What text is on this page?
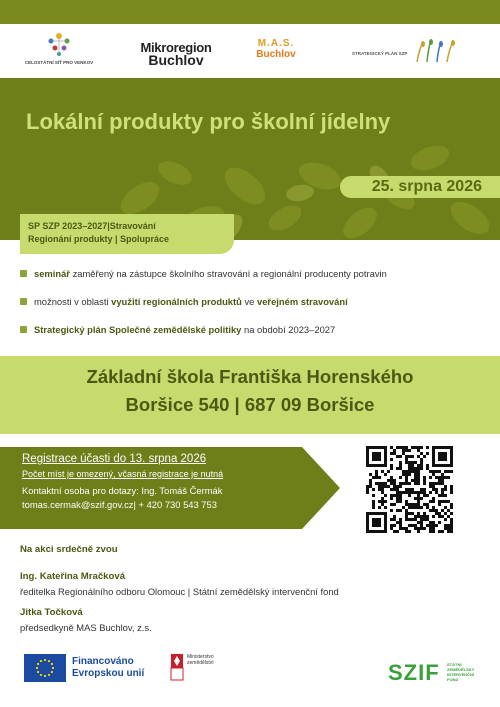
CELOSTÁTNÍ SÍŤ PRO VENKOV
Mikroregion
Buchlov
M.A.S.
Buchlov	STRATEGICKÝ PLÁN SZP
Lokální produkty pro školní jídelny
25. srpna 2026
SP SZP 2023–2027|Stravování
Regionání produkty | Spolupráce
seminář zaměřený na zástupce školního stravování a regionální producenty potravin
možnosti v oblasti využití regionálních produktů ve veřejném stravování
Strategický plán Společné zemědělské politiky na období 2023–2027
Základní škola Františka Horenského
Boršice 540 | 687 09 Boršice
Registrace účasti do 13. srpna 2026
Počet míst je omezený, včasná registrace je nutná
Kontaktní osoba pro dotazy: Ing. Tomáš Čermák
tomas.cermak@szif.gov.cz| + 420 730 543 753
Na akci srdečně zvou
Ing. Kateřina Mračková
ředitelka Regionálního odboru Olomouc | Státní zemědělský intervenční fond
Jitka Točková
předsedkyně MAS Buchlov, z.s.
Financováno
Evropskou unií
Ministerstvo
zemědělství	SZIF STÁTNÍ
ZEMĚDĚLSKÝ
INTERVENČNÍ
FOND
